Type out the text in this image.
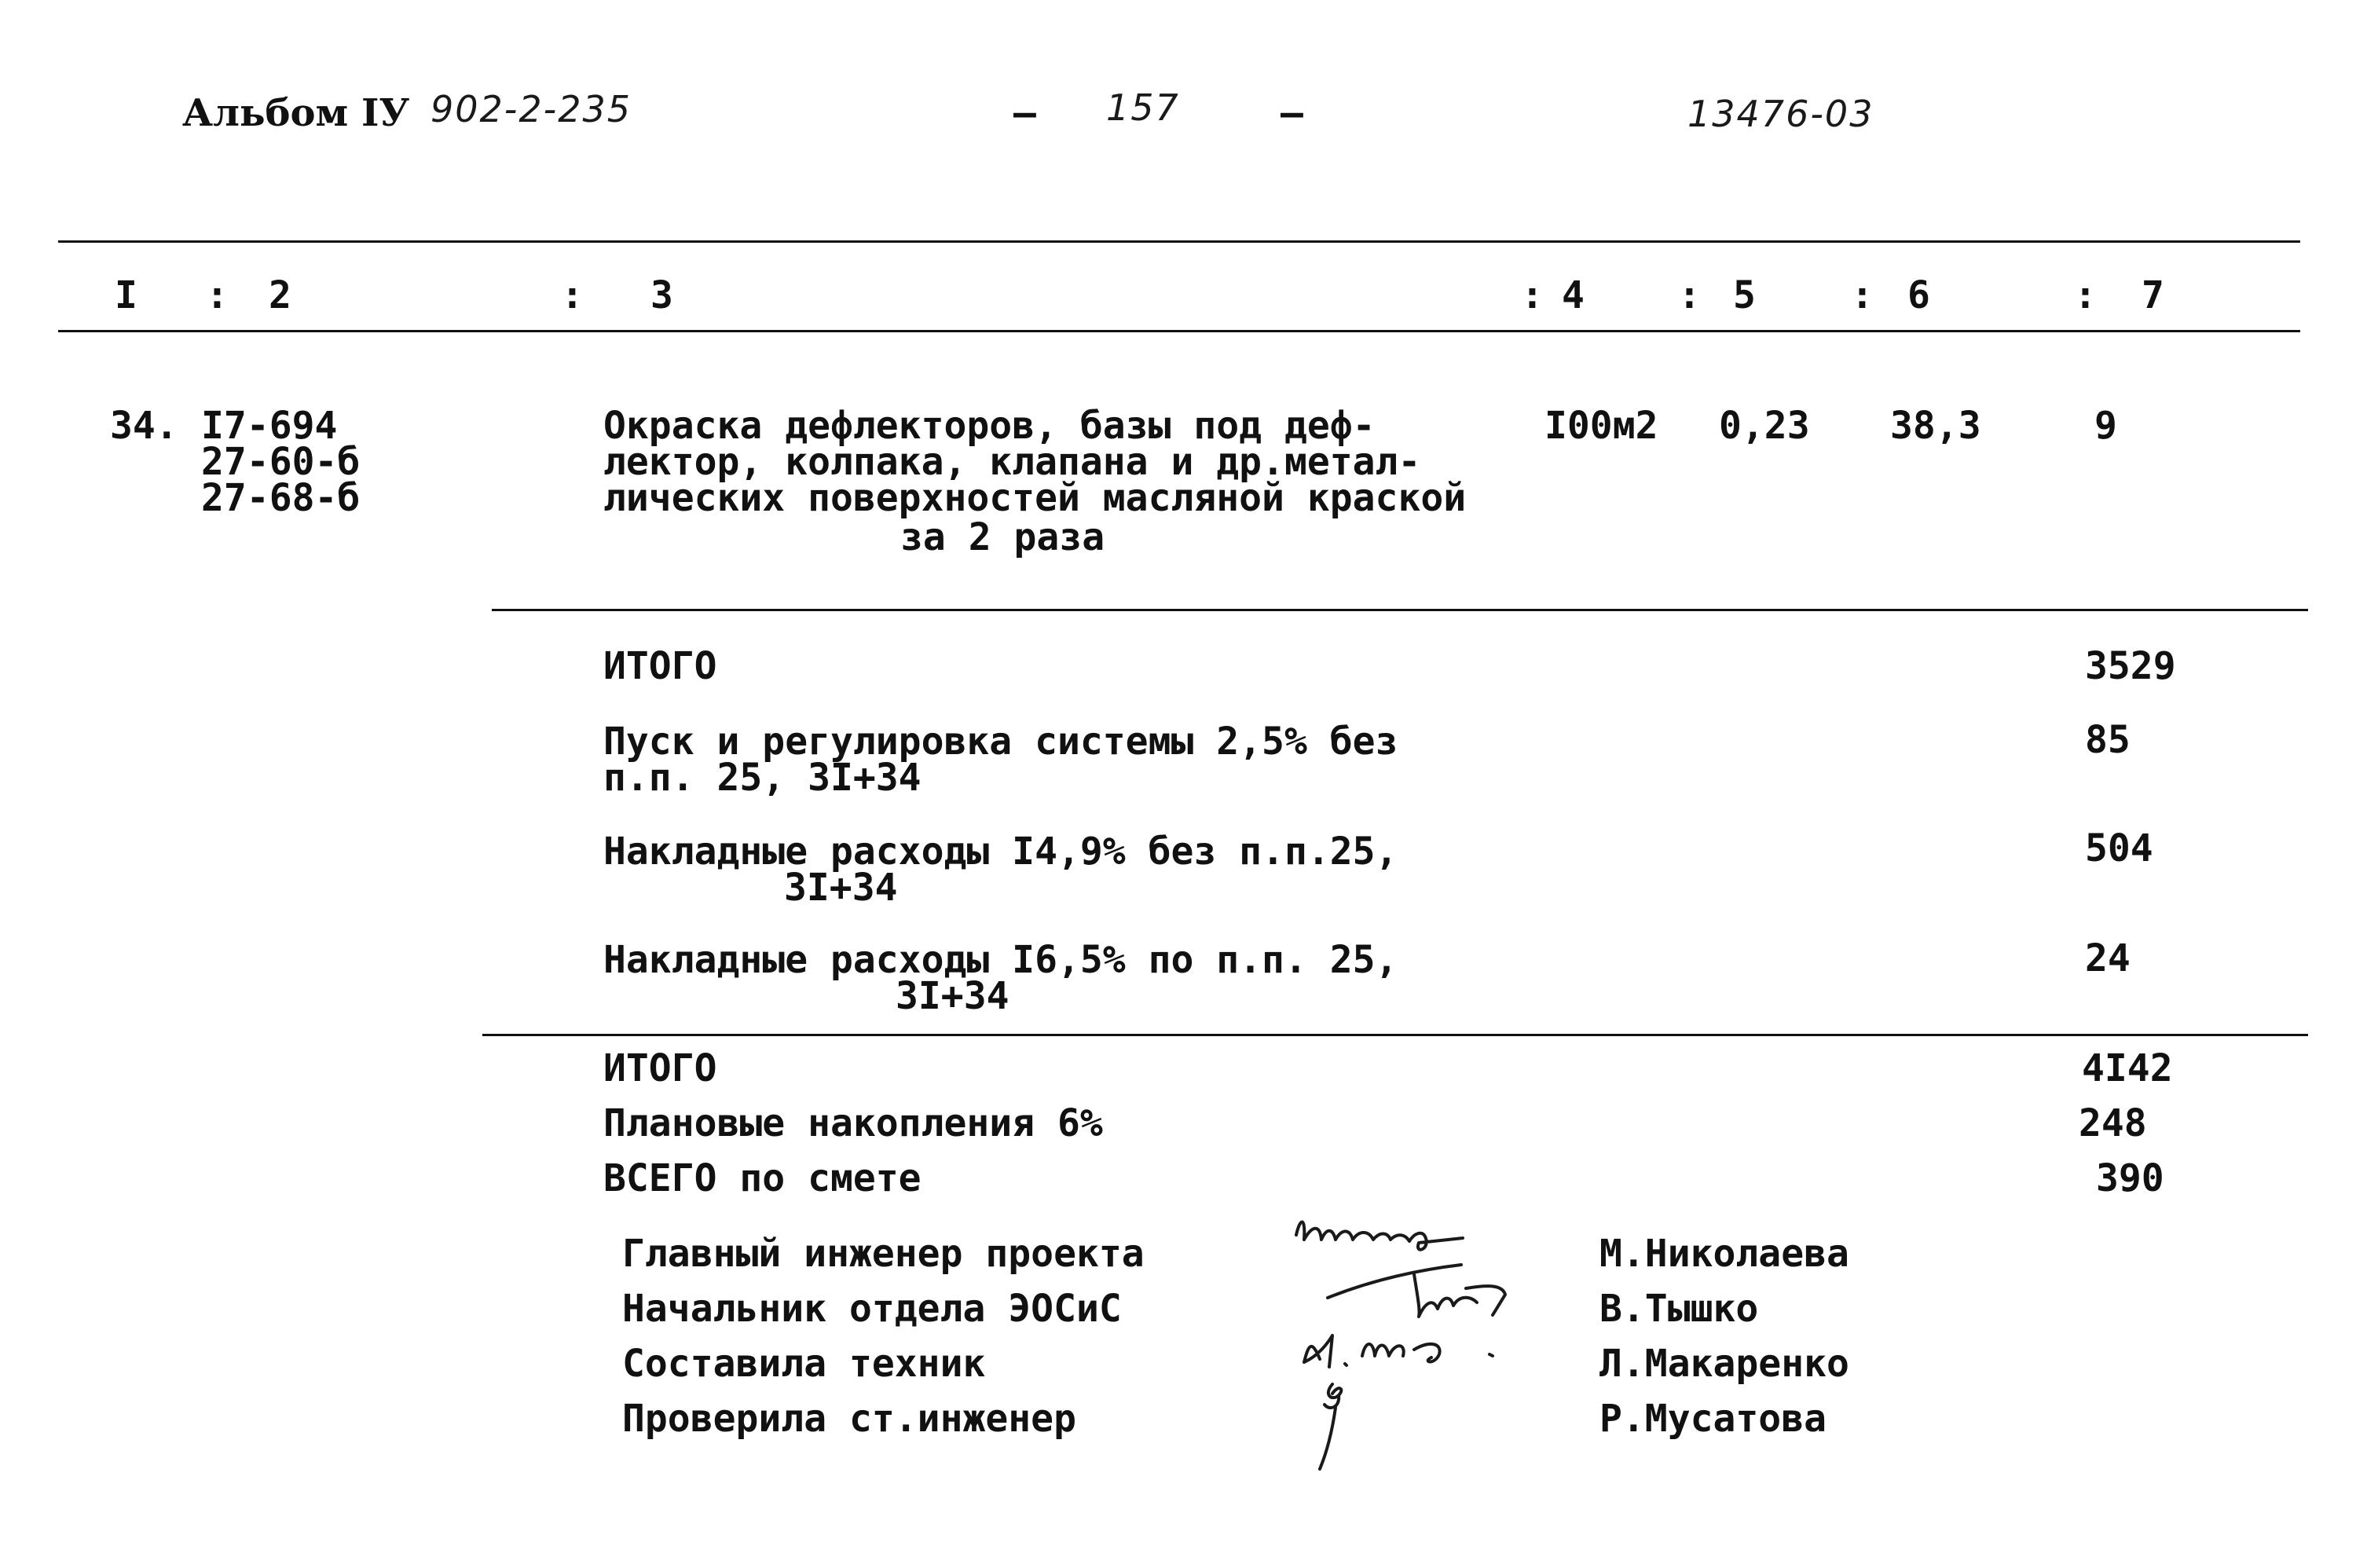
Альбом IУ 902-2-235	– 157	–	13476-03
I : 2	: 3	: 4 : 5	: 6	: 7
34. I7-694
27-60-б
27-68-б
Окраска дефлекторов, базы под деф-
лектор, колпака, клапана и др.метал-
лических поверхностей масляной краской
за 2 раза
I00м2 0,23 38,3	9
ИТОГО	3529
Пуск и регулировка системы 2,5% без
п.п. 25, 3I+34
85
Накладные расходы I4,9% без п.п.25,
3I+34
504
Накладные расходы I6,5% по п.п. 25,
3I+34
24
ИТОГО	4I42
Плановые накопления 6%	248
ВСЕГО по смете	390
Главный инженер проекта	М.Николаева
Начальник отдела ЭОСиС	В.Тышко
Составила техник	Л.Макаренко
Проверила ст.инженер	Р.Мусатова
